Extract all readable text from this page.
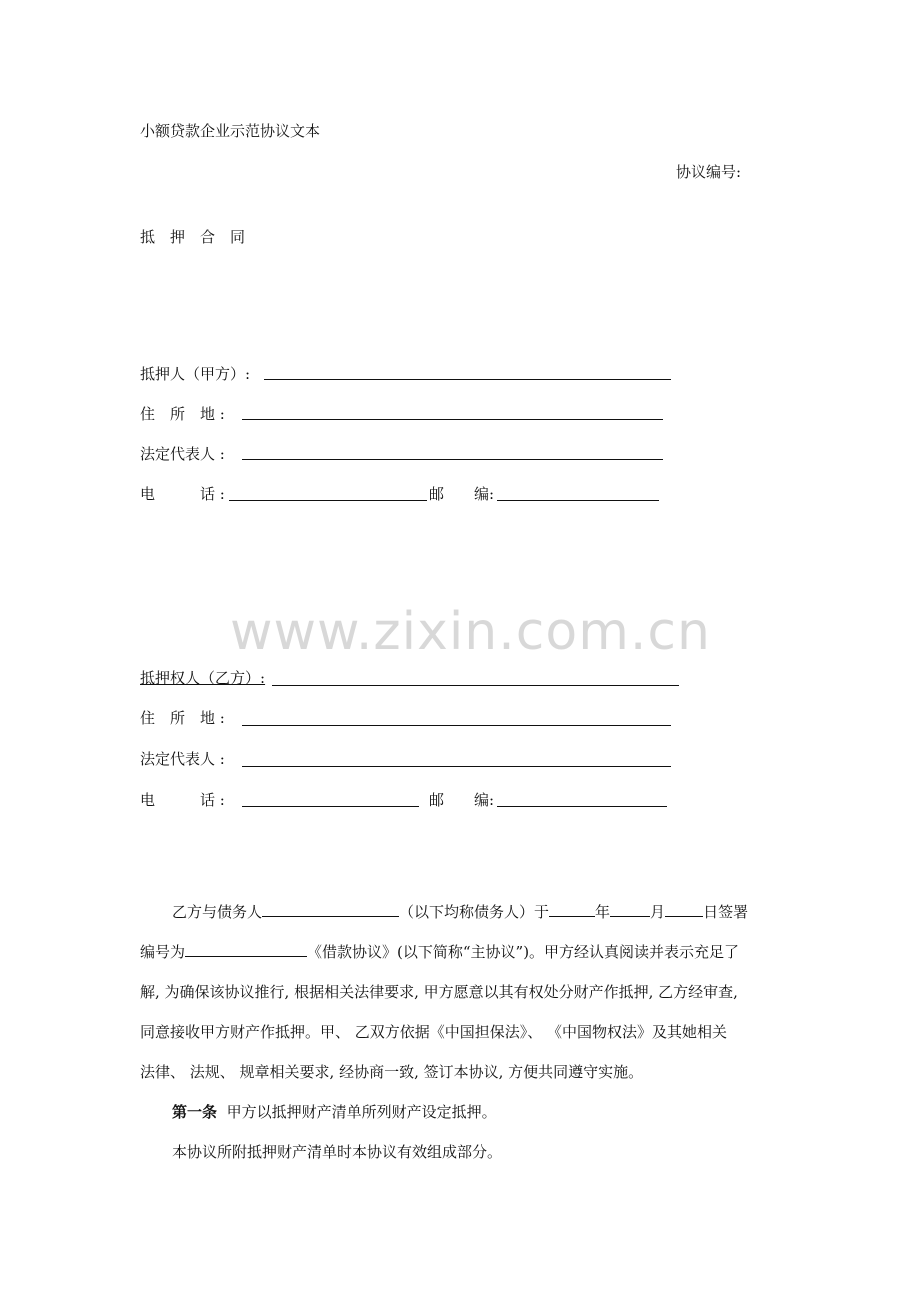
小额贷款企业示范协议文本
协议编号:
抵　押　合　同
抵押人（甲方）:
住　所　地 :
法定代表人 :
电　　　话 :	邮　　编:
www.zixin.com.cn
抵押权人（乙方）:
住　所　地 :
法定代表人 :
电　　　话 :	邮　　编:
乙方与债务人	（以下均称债务人）于	年	月	日签署
编号为	《借款协议》(以下简称“主协议”)。甲方经认真阅读并表示充足了
解, 为确保该协议推行, 根据相关法律要求, 甲方愿意以其有权处分财产作抵押, 乙方经审查,
同意接收甲方财产作抵押。甲、 乙双方依据《中国担保法》、 《中国物权法》及其她相关
法律、 法规、 规章相关要求, 经协商一致, 签订本协议, 方便共同遵守实施。
第一条 甲方以抵押财产清单所列财产设定抵押。
本协议所附抵押财产清单时本协议有效组成部分。
